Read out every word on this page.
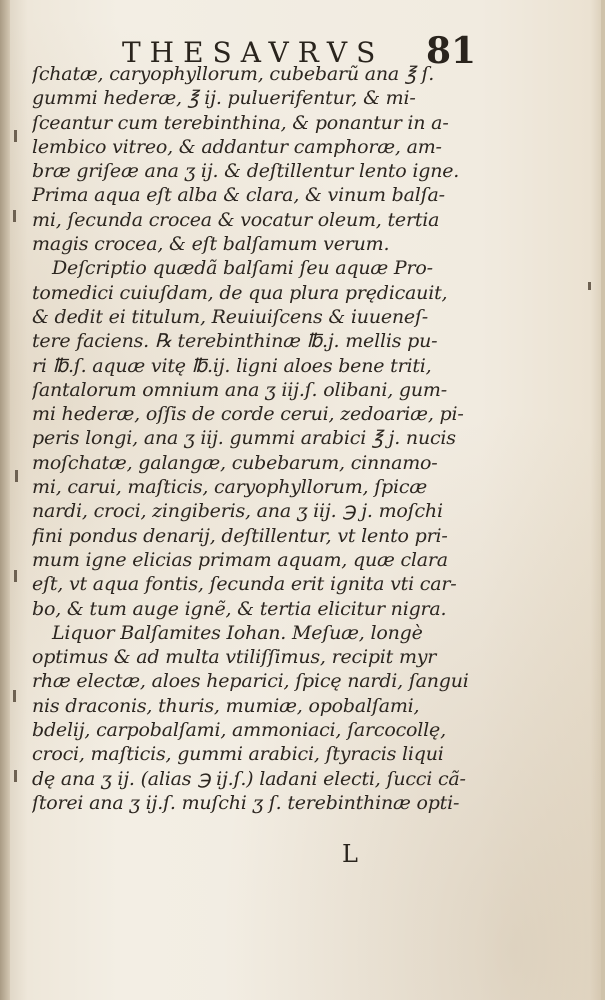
THESAVRVS 81
ſchatæ, caryophyllorum, cubebarũ ana ℥ ſ.
gummi hederæ, ℥ ij. puluerifentur, & mi-
ſceantur cum terebinthina, & ponantur in a-
lembico vitreo, & addantur camphoræ, am-
bræ griſeæ ana ʒ ij. & deſtillentur lento igne.
Prima aqua eſt alba & clara, & vinum balſa-
mi, ſecunda crocea & vocatur oleum, tertia
magis crocea, & eſt balſamum verum.
Deſcriptio quædã balſami ſeu aquæ Pro-
tomedici cuiuſdam, de qua plura prędicauit,
& dedit ei titulum, Reuiuiſcens & iuueneſ-
tere faciens. ℞ terebinthinæ ℔.j. mellis pu-
ri ℔.ſ. aquæ vitę ℔.ij. ligni aloes bene triti,
ſantalorum omnium ana ʒ iij.ſ. olibani, gum-
mi hederæ, oſſis de corde cerui, zedoariæ, pi-
peris longi, ana ʒ iij. gummi arabici ℥ j. nucis
moſchatæ, galangæ, cubebarum, cinnamo-
mi, carui, maſticis, caryophyllorum, ſpicæ
nardi, croci, zingiberis, ana ʒ iij. ℈ j. moſchi
fini pondus denarij, deſtillentur, vt lento pri-
mum igne elicias primam aquam, quæ clara
eſt, vt aqua fontis, ſecunda erit ignita vti car-
bo, & tum auge ignẽ, & tertia elicitur nigra.
Liquor Balſamites Iohan. Meſuæ, longè
optimus & ad multa vtiliſſimus, recipit myr
rhæ electæ, aloes heparici, ſpicę nardi, ſangui
nis draconis, thuris, mumiæ, opobalſami,
bdelij, carpobalſami, ammoniaci, ſarcocollę,
croci, maſticis, gummi arabici, ſtyracis liqui
dę ana ʒ ij. (alias ℈ ij.ſ.) ladani electi, ſucci cã-
ſtorei ana ʒ ij.ſ. muſchi ʒ ſ. terebinthinæ opti-
L
